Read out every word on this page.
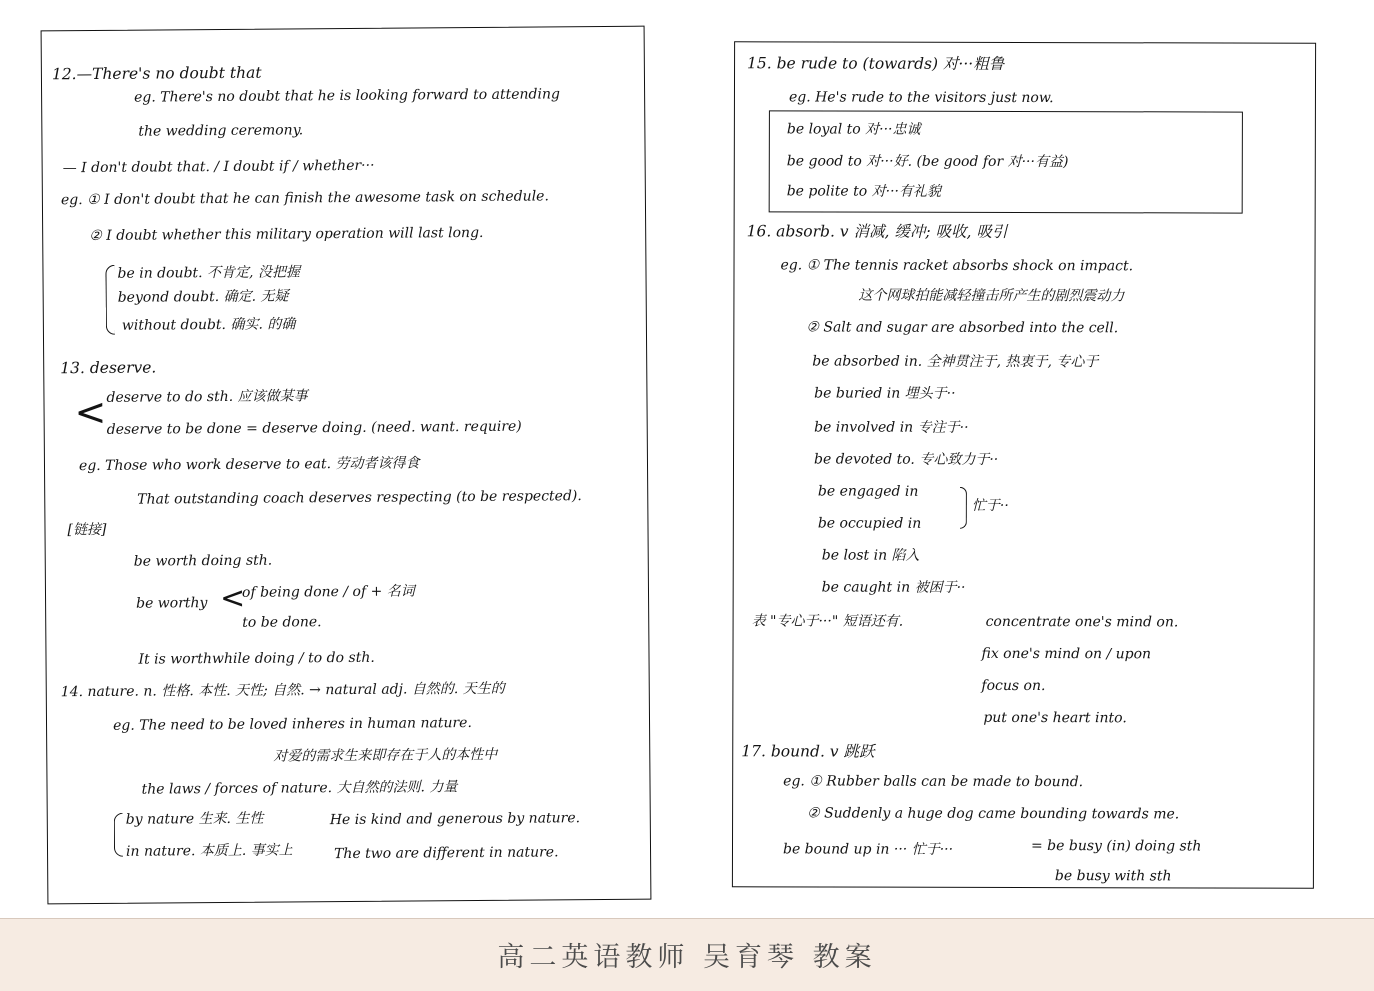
12.—There's no doubt that
eg. There's no doubt that he is looking forward to attending
the wedding ceremony.
— I don't doubt that. / I doubt if / whether···
eg. ① I don't doubt that he can finish the awesome task on schedule.
② I doubt whether this military operation will last long.
be in doubt. 不肯定, 没把握
beyond doubt. 确定. 无疑
without doubt. 确实. 的确
13. deserve.
< deserve to do sth. 应该做某事
deserve to be done = deserve doing. (need. want. require)
eg. Those who work deserve to eat. 劳动者该得食
That outstanding coach deserves respecting (to be respected).
[链接]
be worth doing sth.
be worthy <
of being done / of + 名词
to be done.
It is worthwhile doing / to do sth.
14. nature. n. 性格. 本性. 天性; 自然. → natural adj. 自然的. 天生的
eg. The need to be loved inheres in human nature.
对爱的需求生来即存在于人的本性中
the laws / forces of nature. 大自然的法则. 力量
by nature 生来. 生性	He is kind and generous by nature.
in nature. 本质上. 事实上	The two are different in nature.
15. be rude to (towards) 对···粗鲁
eg. He's rude to the visitors just now.
be loyal to 对···忠诚
be good to 对···好. (be good for 对···有益)
be polite to 对···有礼貌
16. absorb. v 消减, 缓冲; 吸收, 吸引
eg. ① The tennis racket absorbs shock on impact.
这个网球拍能减轻撞击所产生的剧烈震动力
② Salt and sugar are absorbed into the cell.
be absorbed in. 全神贯注于, 热衷于, 专心于
be buried in 埋头于··
be involved in 专注于··
be devoted to. 专心致力于··
be engaged in
忙于··
be occupied in
be lost in 陷入
be caught in 被困于··
表 "专心于···" 短语还有.	concentrate one's mind on.
fix one's mind on / upon
focus on.
put one's heart into.
17. bound. v 跳跃
eg. ① Rubber balls can be made to bound.
② Suddenly a huge dog came bounding towards me.
be bound up in ··· 忙于···	= be busy (in) doing sth
be busy with sth
高二英语教师 吴育琴 教案
